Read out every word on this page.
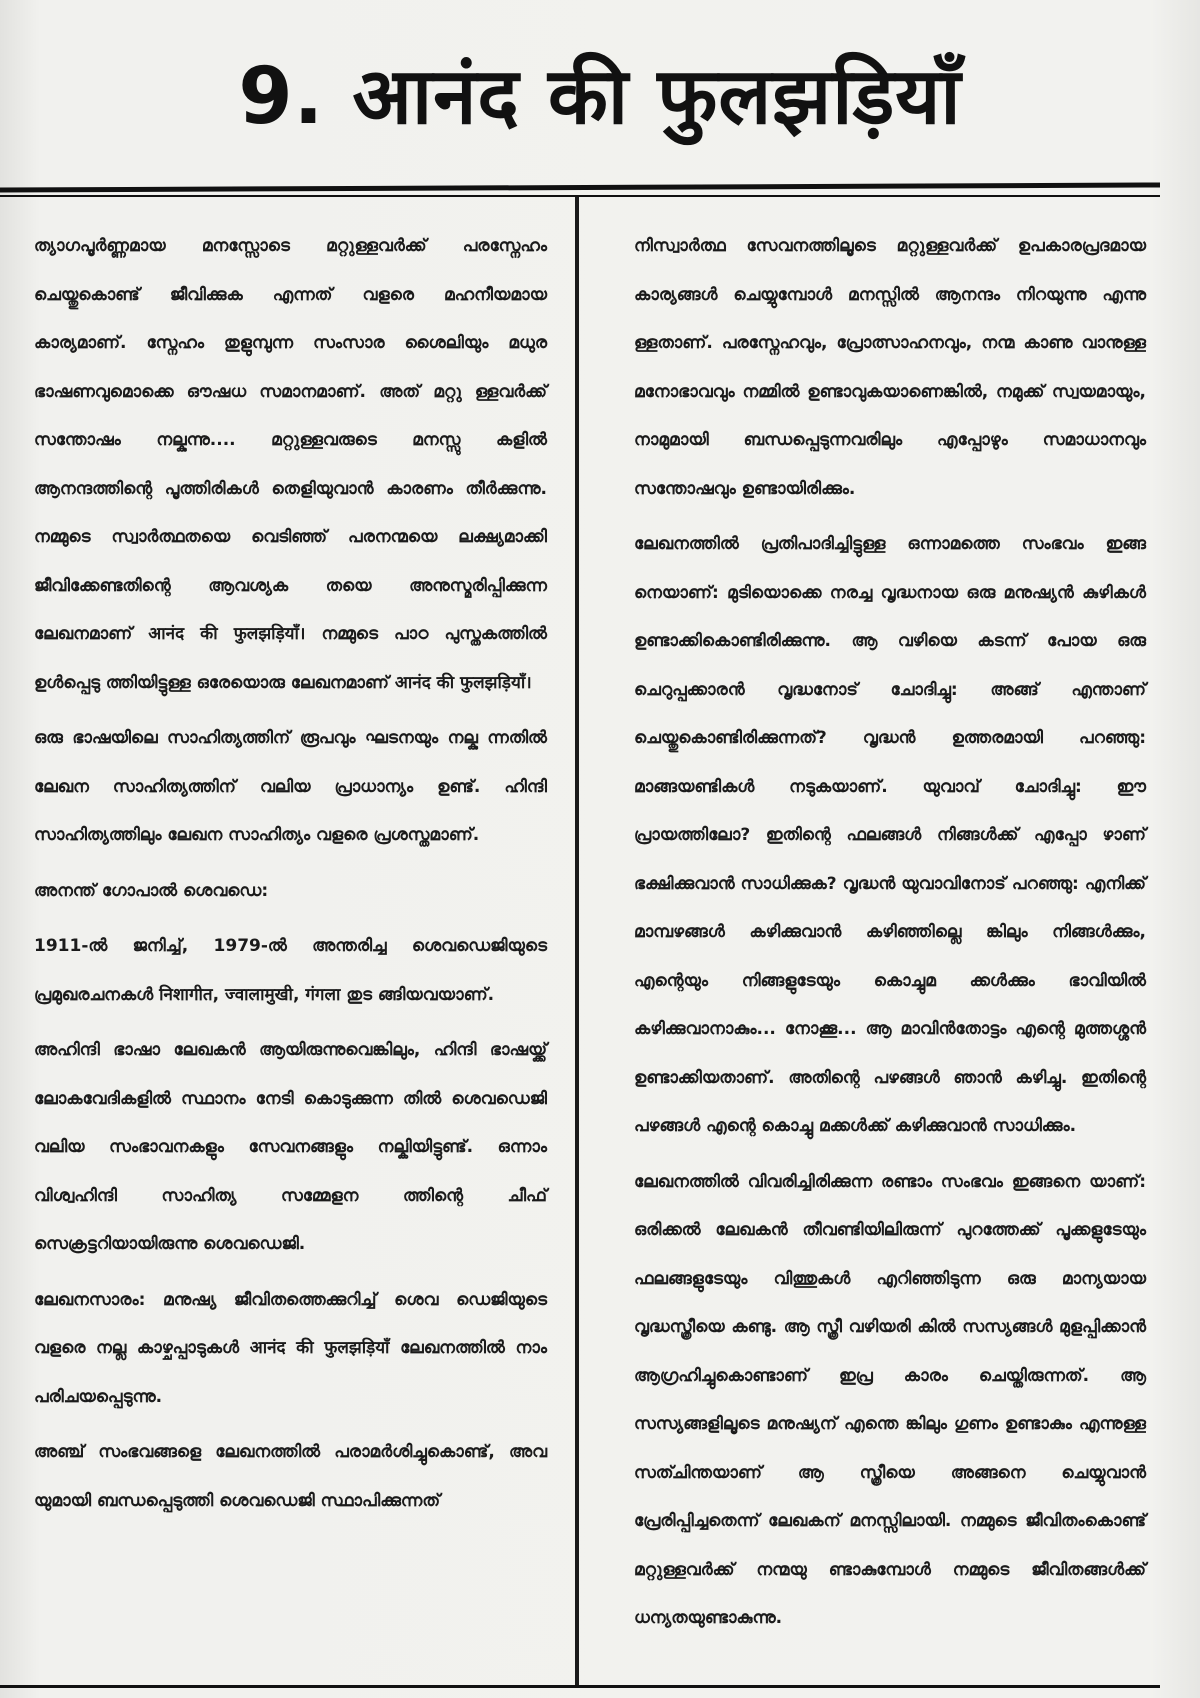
9. आनंद की फुलझड़ियाँ

ത്യാഗപൂർണ്ണമായ മനസ്സോടെ മറ്റുള്ളവർക്ക് പരസ്നേഹം ചെയ്തുകൊണ്ട് ജീവിക്കുക എന്നത് വളരെ മഹനീയമായ കാര്യമാണ്. സ്നേഹം തുളുമ്പുന്ന സംസാര ശൈലിയും മധുര ഭാഷണവുമൊക്കെ ഔഷധ സമാനമാണ്. അത് മറ്റു ള്ളവർക്ക് സന്തോഷം നല്കുന്നു.... മറ്റുള്ളവരുടെ മനസ്സു കളിൽ ആനന്ദത്തിന്റെ പൂത്തിരികൾ തെളിയുവാൻ കാരണം തീർക്കുന്നു. നമ്മുടെ സ്വാർത്ഥതയെ വെടിഞ്ഞ് പരനന്മയെ ലക്ഷ്യമാക്കി ജീവിക്കേണ്ടതിന്റെ ആവശ്യക തയെ അനുസ്മരിപ്പിക്കുന്ന ലേഖനമാണ് आनंद की फुलझड़ियाँ। നമ്മുടെ പാഠ പുസ്തകത്തിൽ ഉൾപ്പെടു ത്തിയിട്ടുള്ള ഒരേയൊരു ലേഖനമാണ് आनंद की फुलझड़ियाँ।

ഒരു ഭാഷയിലെ സാഹിത്യത്തിന് രൂപവും ഘടനയും നല്കു ന്നതിൽ ലേഖന സാഹിത്യത്തിന് വലിയ പ്രാധാന്യം ഉണ്ട്. ഹിന്ദി സാഹിത്യത്തിലും ലേഖന സാഹിത്യം വളരെ പ്രശസ്തമാണ്.

അനന്ത് ഗോപാൽ ശെവഡെ:

1911-ൽ ജനിച്ച്, 1979-ൽ അന്തരിച്ച ശെവഡെജിയുടെ പ്രമുഖരചനകൾ निशागीत, ज्वालामुखी, गंगला തുട ങ്ങിയവയാണ്.

അഹിന്ദി ഭാഷാ ലേഖകൻ ആയിരുന്നുവെങ്കിലും, ഹിന്ദി ഭാഷയ്ക്ക് ലോകവേദികളിൽ സ്ഥാനം നേടി കൊടുക്കുന്ന തിൽ ശെവഡെജി വലിയ സംഭാവനകളും സേവനങ്ങളും നല്കിയിട്ടുണ്ട്. ഒന്നാം വിശ്വഹിന്ദി സാഹിത്യ സമ്മേളന ത്തിന്റെ ചീഫ് സെക്രട്ടറിയായിരുന്നു ശെവഡെജി.

ലേഖനസാരം: മനുഷ്യ ജീവിതത്തെക്കുറിച്ച് ശെവ ഡെജിയുടെ വളരെ നല്ല കാഴ്ചപ്പാടുകൾ आनंद की फुलझड़ियाँ ലേഖനത്തിൽ നാം പരിചയപ്പെടുന്നു.

അഞ്ച് സംഭവങ്ങളെ ലേഖനത്തിൽ പരാമർശിച്ചുകൊണ്ട്, അവ യുമായി ബന്ധപ്പെടുത്തി ശെവഡെജി സ്ഥാപിക്കുന്നത്

നിസ്വാർത്ഥ സേവനത്തിലൂടെ മറ്റുള്ളവർക്ക് ഉപകാരപ്രദമായ കാര്യങ്ങൾ ചെയ്യുമ്പോൾ മനസ്സിൽ ആനന്ദം നിറയുന്നു എന്നു ള്ളതാണ്. പരസ്നേഹവും, പ്രോത്സാഹനവും, നന്മ കാണു വാനുള്ള മനോഭാവവും നമ്മിൽ ഉണ്ടാവുകയാണെങ്കിൽ, നമുക്ക് സ്വയമായും, നാമുമായി ബന്ധപ്പെടുന്നവരിലും എപ്പോഴും സമാധാനവും സന്തോഷവും ഉണ്ടായിരിക്കും.

ലേഖനത്തിൽ പ്രതിപാദിച്ചിട്ടുള്ള ഒന്നാമത്തെ സംഭവം ഇങ്ങ നെയാണ്: മുടിയൊക്കെ നരച്ച വൃദ്ധനായ ഒരു മനുഷ്യൻ കുഴികൾ ഉണ്ടാക്കികൊണ്ടിരിക്കുന്നു. ആ വഴിയെ കടന്ന് പോയ ഒരു ചെറുപ്പക്കാരൻ വൃദ്ധനോട് ചോദിച്ചു: അങ്ങ് എന്താണ് ചെയ്തുകൊണ്ടിരിക്കുന്നത്? വൃദ്ധൻ ഉത്തരമായി പറഞ്ഞു: മാങ്ങയണ്ടികൾ നടുകയാണ്. യുവാവ് ചോദിച്ചു: ഈ പ്രായത്തിലോ? ഇതിന്റെ ഫലങ്ങൾ നിങ്ങൾക്ക് എപ്പോ ഴാണ് ഭക്ഷിക്കുവാൻ സാധിക്കുക? വൃദ്ധൻ യുവാവിനോട് പറഞ്ഞു: എനിക്ക് മാമ്പഴങ്ങൾ കഴിക്കുവാൻ കഴിഞ്ഞില്ലെ ങ്കിലും നിങ്ങൾക്കും, എന്റെയും നിങ്ങളുടേയും കൊച്ചുമ ക്കൾക്കും ഭാവിയിൽ കഴിക്കുവാനാകും... നോക്കൂ... ആ മാവിൻതോട്ടം എന്റെ മുത്തശ്ശൻ ഉണ്ടാക്കിയതാണ്. അതിന്റെ പഴങ്ങൾ ഞാൻ കഴിച്ചു. ഇതിന്റെ പഴങ്ങൾ എന്റെ കൊച്ചു മക്കൾക്ക് കഴിക്കുവാൻ സാധിക്കും.

ലേഖനത്തിൽ വിവരിച്ചിരിക്കുന്ന രണ്ടാം സംഭവം ഇങ്ങനെ യാണ്: ഒരിക്കൽ ലേഖകൻ തീവണ്ടിയിലിരുന്ന് പുറത്തേക്ക് പൂക്കളുടേയും ഫലങ്ങളുടേയും വിത്തുകൾ എറിഞ്ഞിടുന്ന ഒരു മാന്യയായ വൃദ്ധസ്ത്രീയെ കണ്ടു. ആ സ്ത്രീ വഴിയരി കിൽ സസ്യങ്ങൾ മുളപ്പിക്കാൻ ആഗ്രഹിച്ചുകൊണ്ടാണ് ഇപ്ര കാരം ചെയ്തിരുന്നത്. ആ സസ്യങ്ങളിലൂടെ മനുഷ്യന് എന്തെ ങ്കിലും ഗുണം ഉണ്ടാകും എന്നുള്ള സത്ചിന്തയാണ് ആ സ്ത്രീയെ അങ്ങനെ ചെയ്യുവാൻ പ്രേരിപ്പിച്ചതെന്ന് ലേഖകന് മനസ്സിലായി. നമ്മുടെ ജീവിതംകൊണ്ട് മറ്റുള്ളവർക്ക് നന്മയു ണ്ടാകുമ്പോൾ നമ്മുടെ ജീവിതങ്ങൾക്ക് ധന്യതയുണ്ടാകുന്നു.
